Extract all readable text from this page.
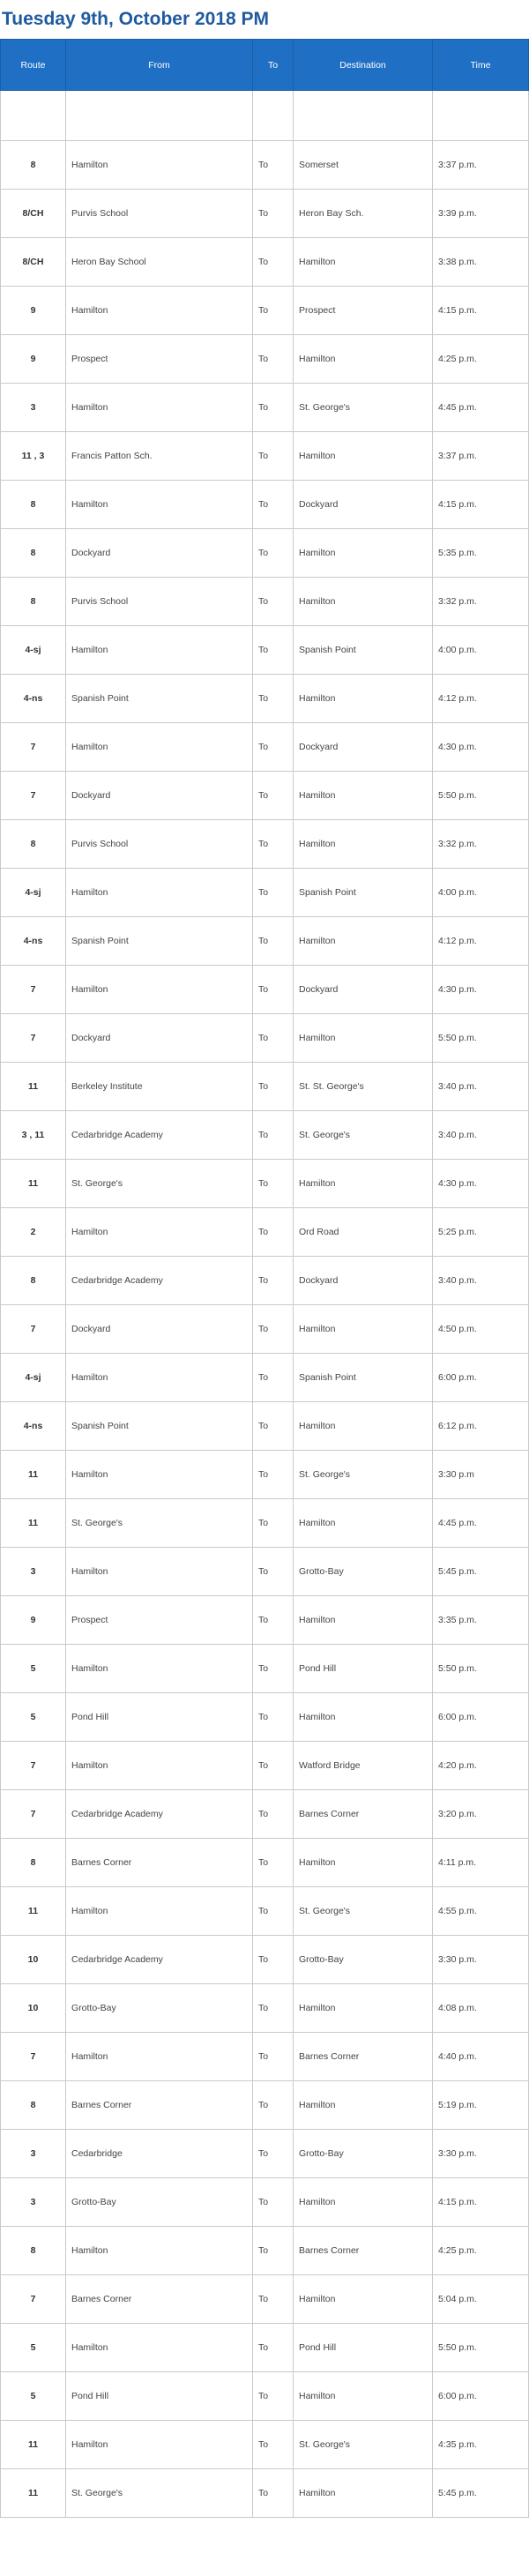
Tuesday 9th, October 2018 PM
Route	From	To	Destination	Time

8	Hamilton	To	Somerset	3:37 p.m.
8/CH	Purvis School	To	Heron Bay Sch.	3:39 p.m.
8/CH	Heron Bay School	To	Hamilton	3:38 p.m.
9	Hamilton	To	Prospect	4:15 p.m.
9	Prospect	To	Hamilton	4:25 p.m.
3	Hamilton	To	St. George's	4:45 p.m.
11 , 3	Francis Patton Sch.	To	Hamilton	3:37 p.m.
8	Hamilton	To	Dockyard	4:15 p.m.
8	Dockyard	To	Hamilton	5:35 p.m.
8	Purvis School	To	Hamilton	3:32 p.m.
4-sj	Hamilton	To	Spanish Point	4:00 p.m.
4-ns	Spanish Point	To	Hamilton	4:12 p.m.
7	Hamilton	To	Dockyard	4:30 p.m.
7	Dockyard	To	Hamilton	5:50 p.m.
8	Purvis School	To	Hamilton	3:32 p.m.
4-sj	Hamilton	To	Spanish Point	4:00 p.m.
4-ns	Spanish Point	To	Hamilton	4:12 p.m.
7	Hamilton	To	Dockyard	4:30 p.m.
7	Dockyard	To	Hamilton	5:50 p.m.
11	Berkeley Institute	To	St. St. George's	3:40 p.m.
3 , 11	Cedarbridge Academy	To	St. George's	3:40 p.m.
11	St. George's	To	Hamilton	4:30 p.m.
2	Hamilton	To	Ord Road	5:25 p.m.
8	Cedarbridge Academy	To	Dockyard	3:40 p.m.
7	Dockyard	To	Hamilton	4:50 p.m.
4-sj	Hamilton	To	Spanish Point	6:00 p.m.
4-ns	Spanish Point	To	Hamilton	6:12 p.m.
11	Hamilton	To	St. George's	3:30 p.m
11	St. George's	To	Hamilton	4:45 p.m.
3	Hamilton	To	Grotto-Bay	5:45 p.m.
9	Prospect	To	Hamilton	3:35 p.m.
5	Hamilton	To	Pond Hill	5:50 p.m.
5	Pond Hill	To	Hamilton	6:00 p.m.
7	Hamilton	To	Watford Bridge	4:20 p.m.
7	Cedarbridge Academy	To	Barnes Corner	3:20 p.m.
8	Barnes Corner	To	Hamilton	4:11 p.m.
11	Hamilton	To	St. George's	4:55 p.m.
10	Cedarbridge Academy	To	Grotto-Bay	3:30 p.m.
10	Grotto-Bay	To	Hamilton	4:08 p.m.
7	Hamilton	To	Barnes Corner	4:40 p.m.
8	Barnes Corner	To	Hamilton	5:19 p.m.
3	Cedarbridge	To	Grotto-Bay	3:30 p.m.
3	Grotto-Bay	To	Hamilton	4:15 p.m.
8	Hamilton	To	Barnes Corner	4:25 p.m.
7	Barnes Corner	To	Hamilton	5:04 p.m.
5	Hamilton	To	Pond Hill	5:50 p.m.
5	Pond Hill	To	Hamilton	6:00 p.m.
11	Hamilton	To	St. George's	4:35 p.m.
11	St. George's	To	Hamilton	5:45 p.m.
